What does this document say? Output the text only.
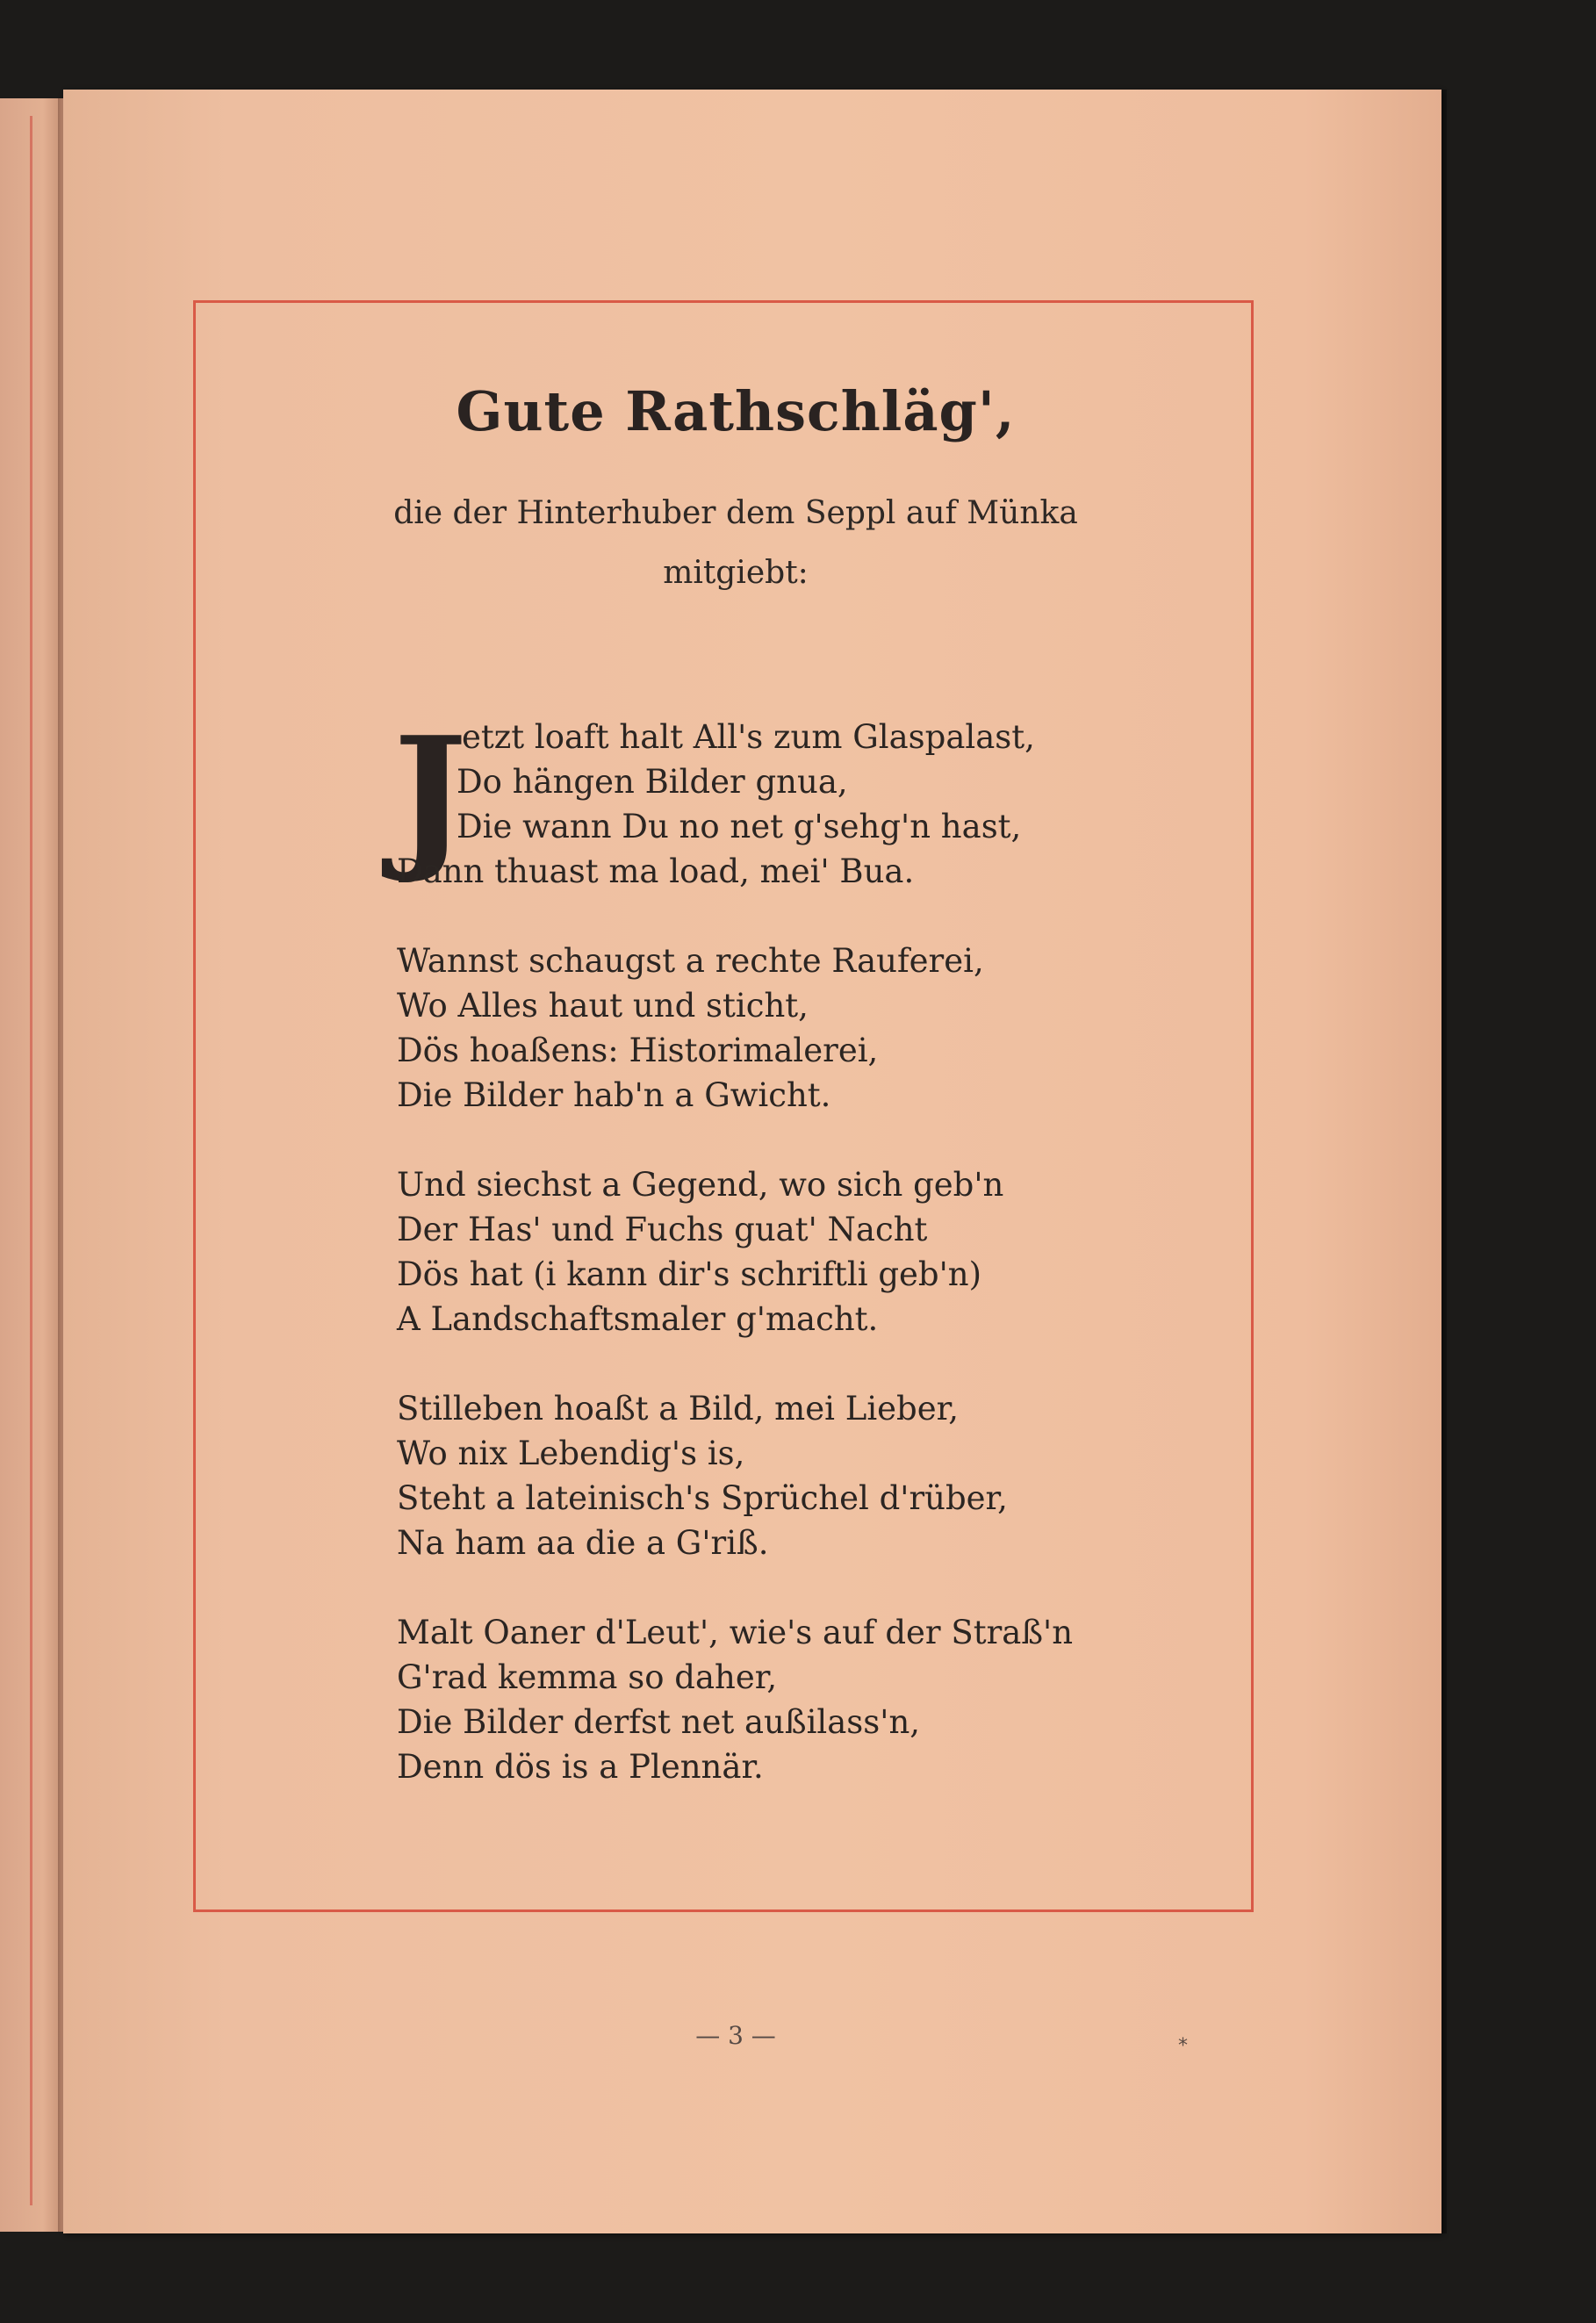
Gute Rathschläg',
die der Hinterhuber dem Seppl auf Münka
mitgiebt:
J
etzt loaft halt All's zum Glaspalast,
Do hängen Bilder gnua,
Die wann Du no net g'sehg'n hast,
Dann thuast ma load, mei' Bua.
Wannst schaugst a rechte Rauferei,
Wo Alles haut und sticht,
Dös hoaßens: Historimalerei,
Die Bilder hab'n a Gwicht.
Und siechst a Gegend, wo sich geb'n
Der Has' und Fuchs guat' Nacht
Dös hat (i kann dir's schriftli geb'n)
A Landschaftsmaler g'macht.
Stilleben hoaßt a Bild, mei Lieber,
Wo nix Lebendig's is,
Steht a lateinisch's Sprüchel d'rüber,
Na ham aa die a G'riß.
Malt Oaner d'Leut', wie's auf der Straß'n
G'rad kemma so daher,
Die Bilder derfst net außilass'n,
Denn dös is a Plennär.
— 3 —	*
